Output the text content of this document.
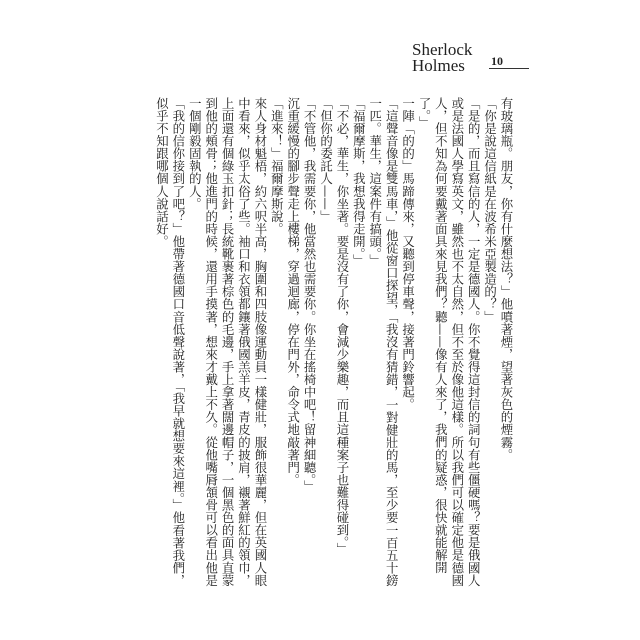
Sherlock
Holmes	10

有玻璃瓶。朋友，你有什麼想法？」他噴著煙，望著灰色的煙霧。

「你是說這信紙是在波希米亞製造的？」

「是的，而且寫信的人，一定是德國人。你不覺得這封信的詞句有些僵硬嗎？要是俄國人或是法國人學寫英文，雖然也不太自然，但不至於像他這樣。所以我們可以確定他是德國人，但不知為何要戴著面具來見我們？聽——像有人來了，我們的疑惑，很快就能解開了。」

一陣「的的」馬蹄傳來，又聽到停車聲，接著門鈴響起。

「這聲音像是雙馬車，」他從窗口探望，「我沒有猜錯，一對健壯的馬，至少要一百五十鎊一匹。華生，這案件有搞頭。」

「福爾摩斯，我想我得走開。」

「不必，華生，你坐著。要是沒有了你，會減少樂趣，而且這種案子也難得碰到。」

「但你的委託人——」

「不管他，我需要你，他當然也需要你。你坐在搖椅中吧！留神細聽。」

沉重緩慢的腳步聲走上樓梯，穿過迴廊，停在門外，命令式地敲著門。

「進來！」福爾摩斯說。

來人身材魁梧，約六呎半高，胸圍和四肢像運動員一樣健壯，服飾很華麗，但在英國人眼中看來，似乎太俗了些。袖口和衣領都鑲著俄國羔羊皮，青皮的披肩，襯著鮮紅的領巾，上面還有個綠玉扣針；長統靴裹著棕色的毛邊，手上拿著闊邊帽子，一個黑色的面具直蒙到他的頰骨；他進門的時候，還用手摸著，想來才戴上不久。從他嘴脣頷骨可以看出他是一個剛毅固執的人。

「我的信你接到了吧？」他帶著德國口音低聲說著，「我早就想要來這裡。」他看著我們，似乎不知跟哪個人說話好。
